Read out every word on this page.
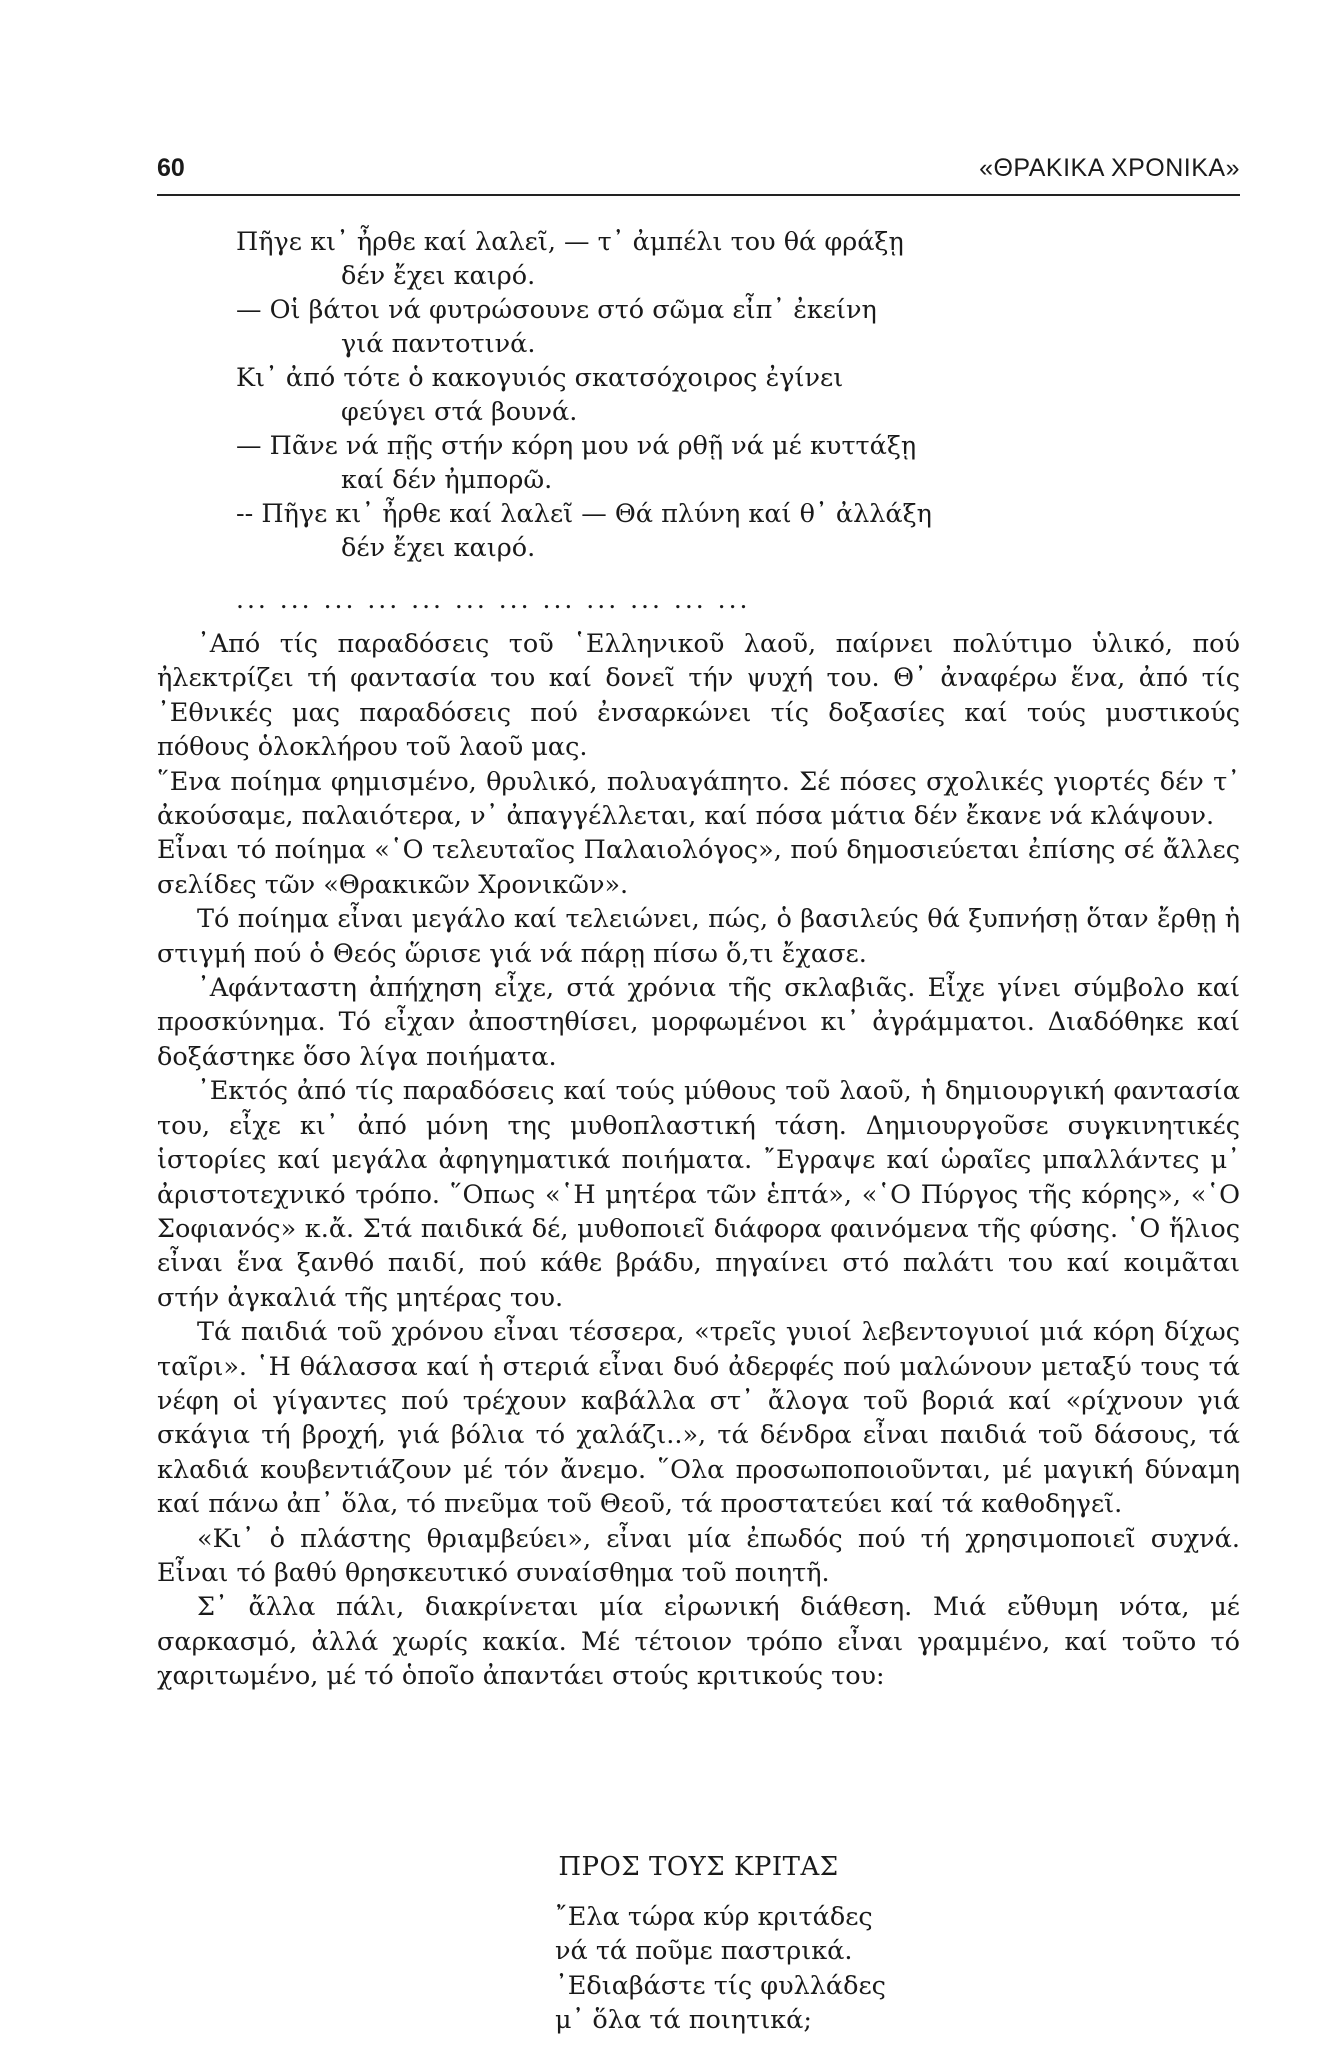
60	«ΘΡΑΚΙΚΑ ΧΡΟΝΙΚΑ»
Πῆγε κι᾽ ἦρθε καί λαλεῖ, — τ᾽ ἀμπέλι του θά φράξῃ
δέν ἔχει καιρό.
— Οἱ βάτοι νά φυτρώσουνε στό σῶμα εἶπ᾽ ἐκείνη
γιά παντοτινά.
Κι᾽ ἀπό τότε ὁ κακογυιός σκατσόχοιρος ἐγίνει
φεύγει στά βουνά.
— Πᾶνε νά πῇς στήν κόρη μου νά ρθῇ νά μέ κυττάξῃ
καί δέν ἠμπορῶ.
-- Πῆγε κι᾽ ἦρθε καί λαλεῖ — Θά πλύνη καί θ᾽ ἀλλάξη
δέν ἔχει καιρό.
... ... ... ... ... ... ... ... ... ... ... ...

᾽Από τίς παραδόσεις τοῦ ῾Ελληνικοῦ λαοῦ, παίρνει πολύτιμο ὑλικό, πού ἠλεκτρίζει τή φαντασία του καί δονεῖ τήν ψυχή του. Θ᾽ ἀναφέρω ἕνα, ἀπό τίς ᾽Εθνικές μας παραδόσεις πού ἐνσαρκώνει τίς δοξασίες καί τούς μυστικούς πόθους ὁλοκλήρου τοῦ λαοῦ μας.

῞Ενα ποίημα φημισμένο, θρυλικό, πολυαγάπητο. Σέ πόσες σχολικές γιορτές δέν τ᾽ ἀκούσαμε, παλαιότερα, ν᾽ ἀπαγγέλλεται, καί πόσα μάτια δέν ἔκανε νά κλάψουν.

Εἶναι τό ποίημα «῾Ο τελευταῖος Παλαιολόγος», πού δημοσιεύεται ἐπίσης σέ ἄλλες σελίδες τῶν «Θρακικῶν Χρονικῶν».

Τό ποίημα εἶναι μεγάλο καί τελειώνει, πώς, ὁ βασιλεύς θά ξυπνήσῃ ὅταν ἔρθῃ ἡ στιγμή πού ὁ Θεός ὥρισε γιά νά πάρῃ πίσω ὅ,τι ἔχασε.

᾽Αφάνταστη ἀπήχηση εἶχε, στά χρόνια τῆς σκλαβιᾶς. Εἶχε γίνει σύμβολο καί προσκύνημα. Τό εἶχαν ἀποστηθίσει, μορφωμένοι κι᾽ ἀγράμματοι. Διαδόθηκε καί δοξάστηκε ὅσο λίγα ποιήματα.

᾽Εκτός ἀπό τίς παραδόσεις καί τούς μύθους τοῦ λαοῦ, ἡ δημιουργική φαντασία του, εἶχε κι᾽ ἀπό μόνη της μυθοπλαστική τάση. Δημιουργοῦσε συγκινητικές ἱστορίες καί μεγάλα ἀφηγηματικά ποιήματα. ῎Εγραψε καί ὡραῖες μπαλλάντες μ᾽ ἀριστοτεχνικό τρόπο. ῞Οπως «῾Η μητέρα τῶν ἑπτά», «῾Ο Πύργος τῆς κόρης», «῾Ο Σοφιανός» κ.ἄ. Στά παιδικά δέ, μυθοποιεῖ διάφορα φαινόμενα τῆς φύσης. ῾Ο ἥλιος εἶναι ἕνα ξανθό παιδί, πού κάθε βράδυ, πηγαίνει στό παλάτι του καί κοιμᾶται στήν ἀγκαλιά τῆς μητέρας του.

Τά παιδιά τοῦ χρόνου εἶναι τέσσερα, «τρεῖς γυιοί λεβεντογυιοί μιά κόρη δίχως ταῖρι». ῾Η θάλασσα καί ἡ στεριά εἶναι δυό ἀδερφές πού μαλώνουν μεταξύ τους τά νέφη οἱ γίγαντες πού τρέχουν καβάλλα στ᾽ ἄλογα τοῦ βοριά καί «ρίχνουν γιά σκάγια τή βροχή, γιά βόλια τό χαλάζι..», τά δένδρα εἶναι παιδιά τοῦ δάσους, τά κλαδιά κουβεντιάζουν μέ τόν ἄνεμο. ῞Ολα προσωποποιοῦνται, μέ μαγική δύναμη καί πάνω ἀπ᾽ ὅλα, τό πνεῦμα τοῦ Θεοῦ, τά προστατεύει καί τά καθοδηγεῖ.

«Κι᾽ ὁ πλάστης θριαμβεύει», εἶναι μία ἐπωδός πού τή χρησιμοποιεῖ συχνά. Εἶναι τό βαθύ θρησκευτικό συναίσθημα τοῦ ποιητῆ.

Σ᾽ ἄλλα πάλι, διακρίνεται μία εἰρωνική διάθεση. Μιά εὔθυμη νότα, μέ σαρκασμό, ἀλλά χωρίς κακία. Μέ τέτοιον τρόπο εἶναι γραμμένο, καί τοῦτο τό χαριτωμένο, μέ τό ὁποῖο ἀπαντάει στούς κριτικούς του:

ΠΡΟΣ ΤΟΥΣ ΚΡΙΤΑΣ
῎Ελα τώρα κύρ κριτάδες
νά τά ποῦμε παστρικά.
᾽Εδιαβάστε τίς φυλλάδες
μ᾽ ὅλα τά ποιητικά;
